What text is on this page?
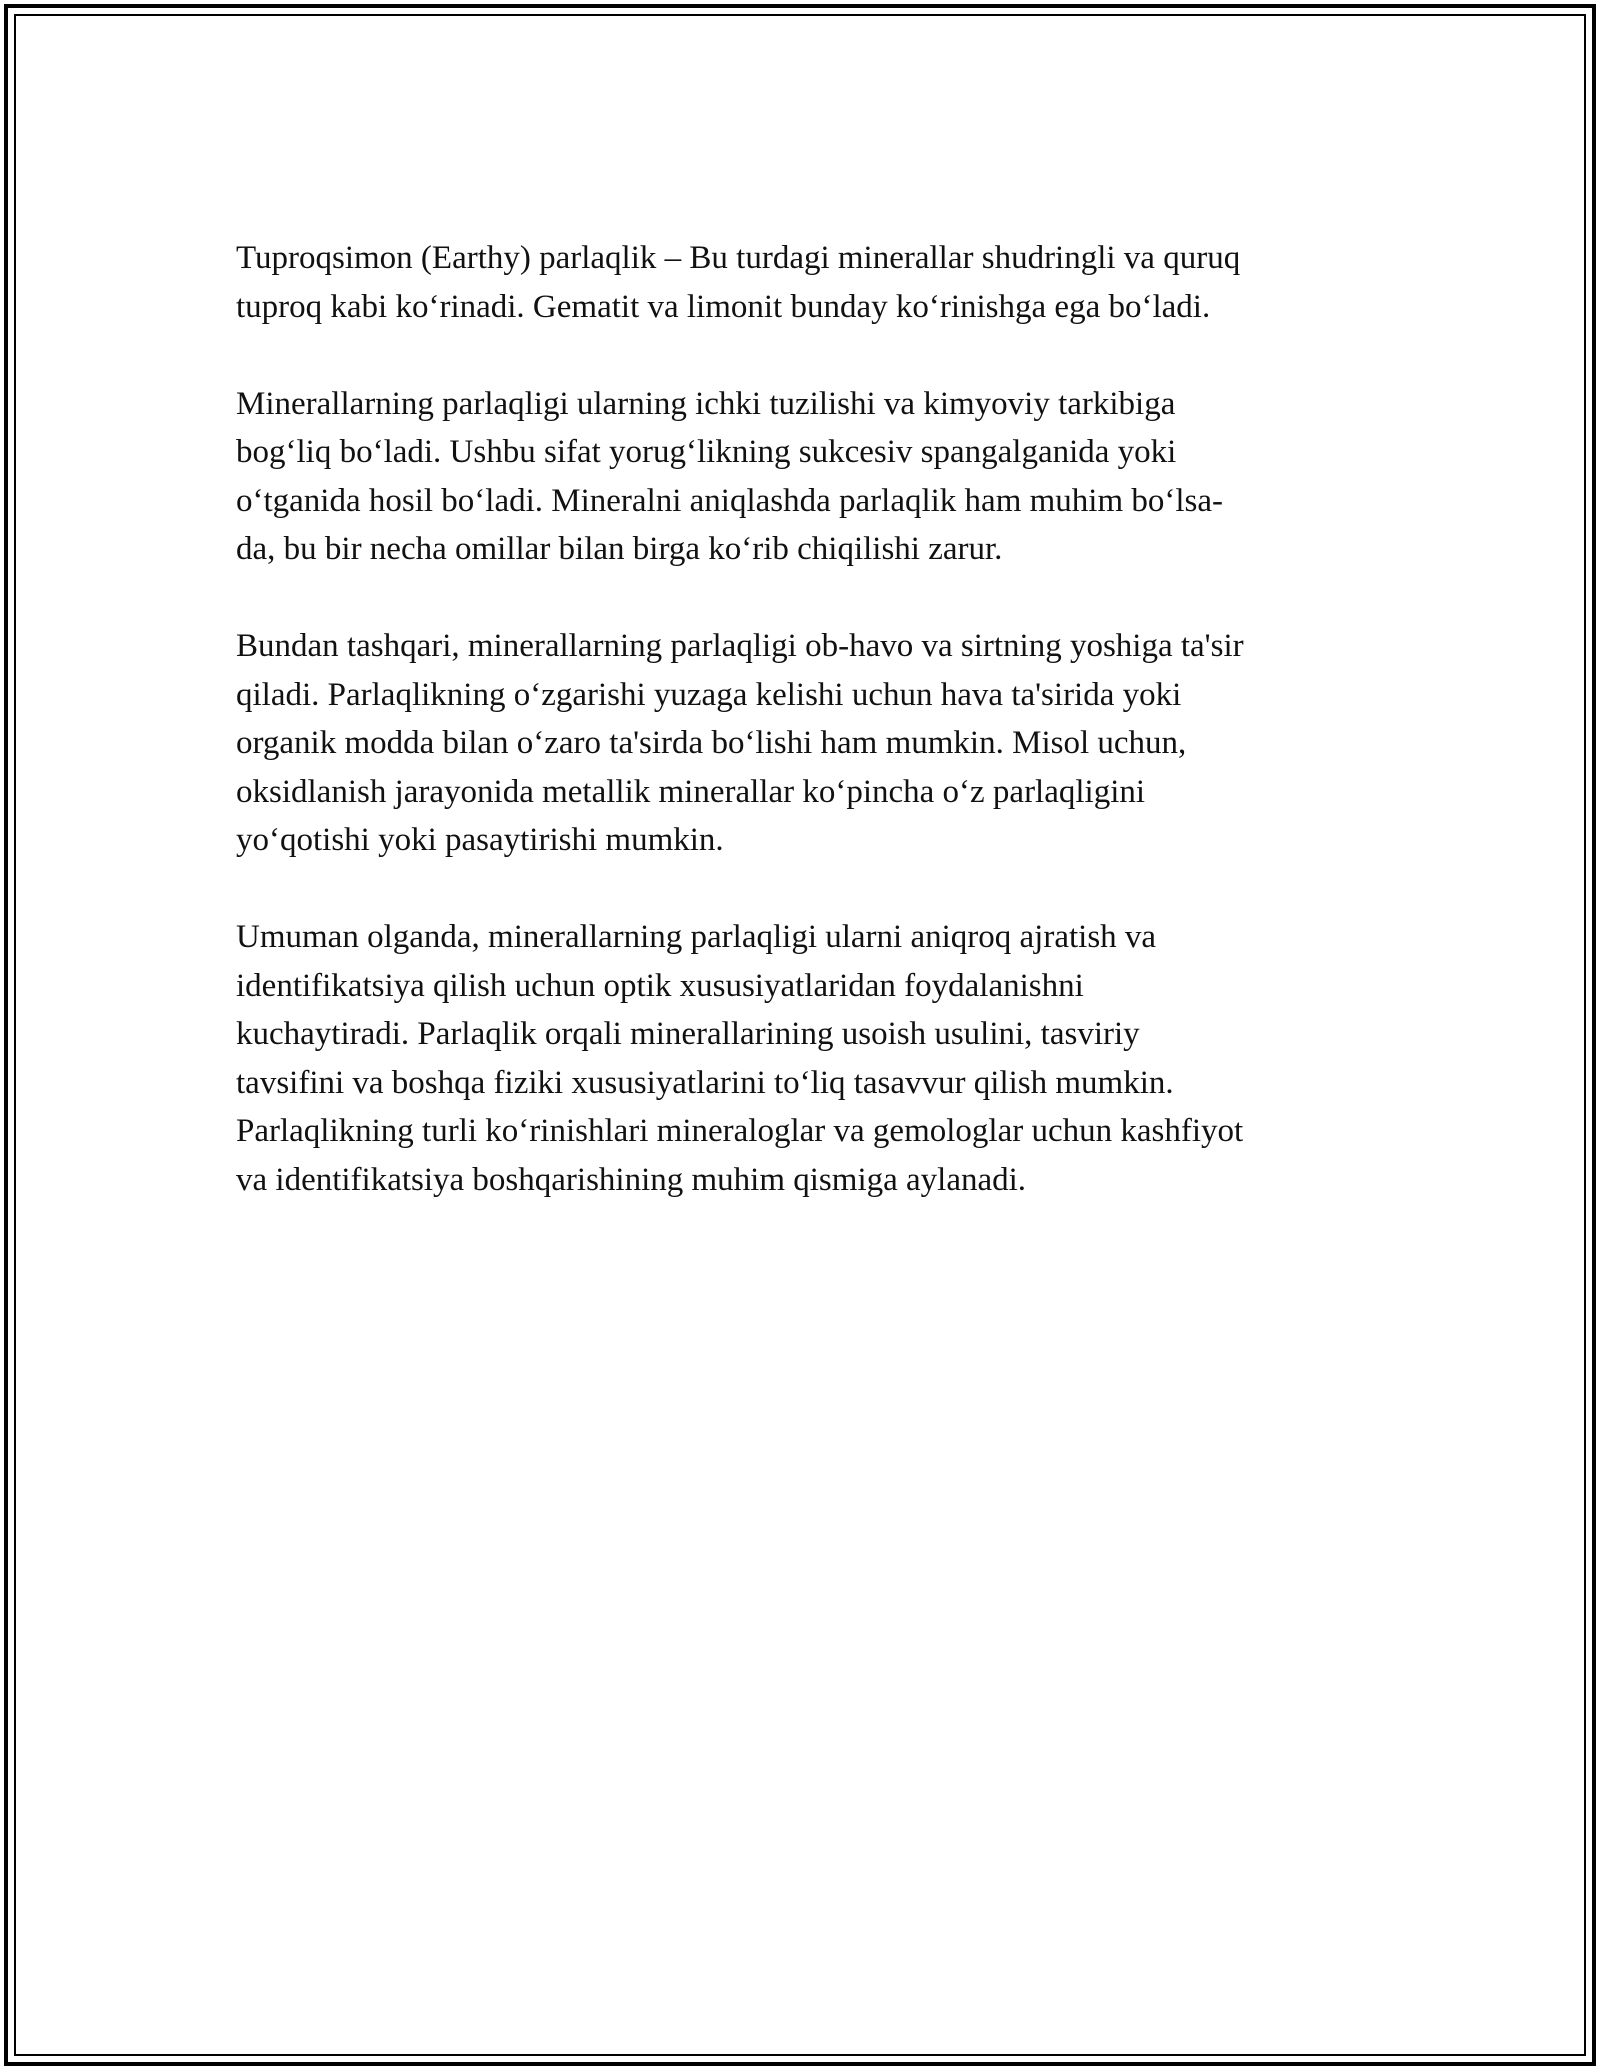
Tuproqsimon (Earthy) parlaqlik – Bu turdagi minerallar shudringli va quruq
tuproq kabi ko‘rinadi. Gematit va limonit bunday ko‘rinishga ega bo‘ladi.

Minerallarning parlaqligi ularning ichki tuzilishi va kimyoviy tarkibiga
bog‘liq bo‘ladi. Ushbu sifat yorug‘likning sukcesiv spangalganida yoki
o‘tganida hosil bo‘ladi. Mineralni aniqlashda parlaqlik ham muhim bo‘lsa-
da, bu bir necha omillar bilan birga ko‘rib chiqilishi zarur.

Bundan tashqari, minerallarning parlaqligi ob-havo va sirtning yoshiga ta'sir
qiladi. Parlaqlikning o‘zgarishi yuzaga kelishi uchun hava ta'sirida yoki
organik modda bilan o‘zaro ta'sirda bo‘lishi ham mumkin. Misol uchun,
oksidlanish jarayonida metallik minerallar ko‘pincha o‘z parlaqligini
yo‘qotishi yoki pasaytirishi mumkin.

Umuman olganda, minerallarning parlaqligi ularni aniqroq ajratish va
identifikatsiya qilish uchun optik xususiyatlaridan foydalanishni
kuchaytiradi. Parlaqlik orqali minerallarining usoish usulini, tasviriy
tavsifini va boshqa fiziki xususiyatlarini to‘liq tasavvur qilish mumkin.
Parlaqlikning turli ko‘rinishlari mineraloglar va gemologlar uchun kashfiyot
va identifikatsiya boshqarishining muhim qismiga aylanadi.
